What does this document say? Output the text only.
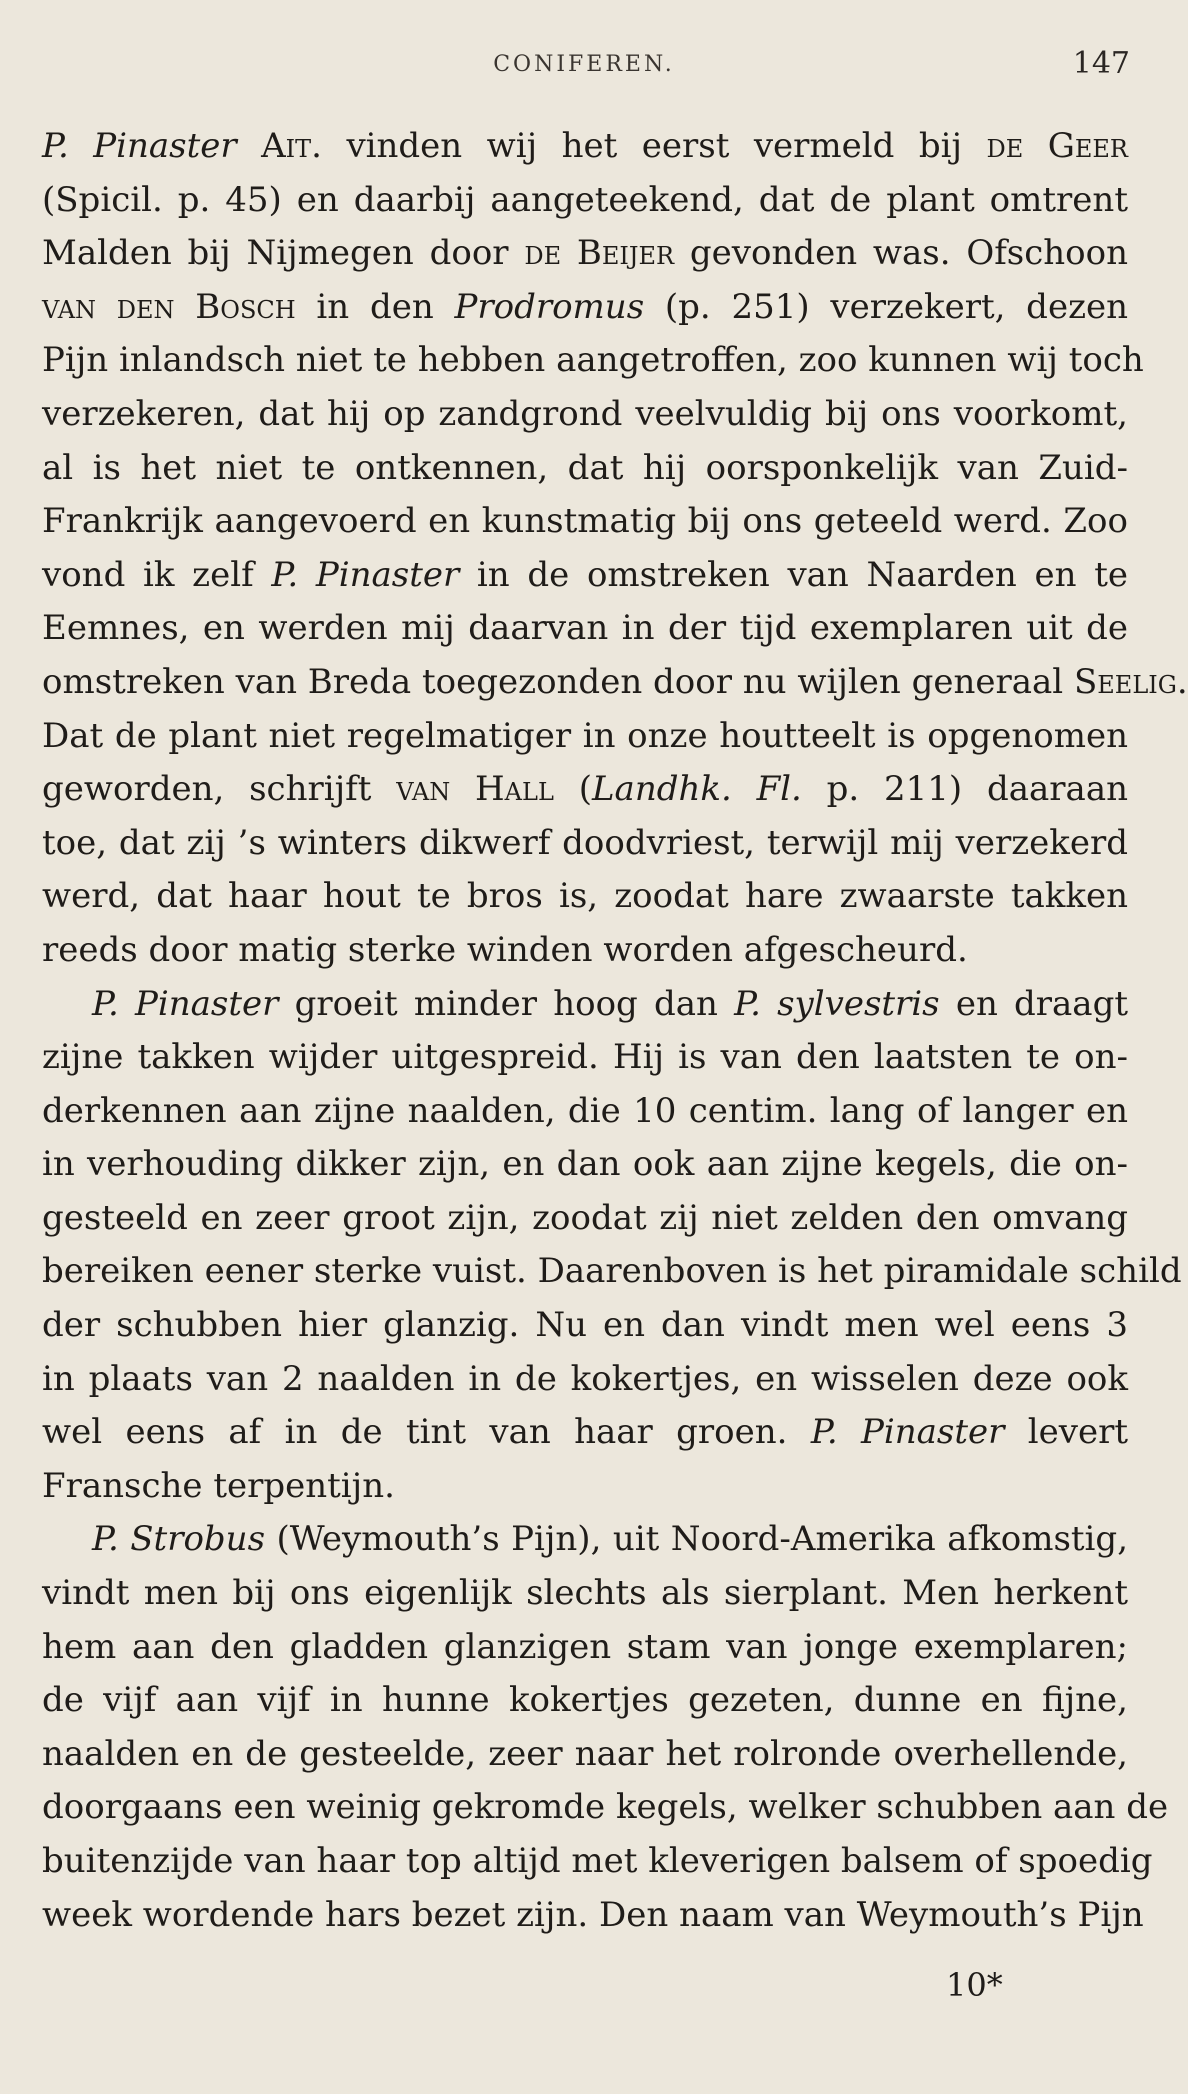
CONIFEREN.	147
P. Pinaster Ait. vinden wij het eerst vermeld bij de Geer
(Spicil. p. 45) en daarbij aangeteekend, dat de plant omtrent
Malden bij Nijmegen door de Beijer gevonden was. Ofschoon
van den Bosch in den Prodromus (p. 251) verzekert, dezen
Pijn inlandsch niet te hebben aangetroffen, zoo kunnen wij toch
verzekeren, dat hij op zandgrond veelvuldig bij ons voorkomt,
al is het niet te ontkennen, dat hij oorsponkelijk van Zuid-
Frankrijk aangevoerd en kunstmatig bij ons geteeld werd. Zoo
vond ik zelf P. Pinaster in de omstreken van Naarden en te
Eemnes, en werden mij daarvan in der tijd exemplaren uit de
omstreken van Breda toegezonden door nu wijlen generaal Seelig.
Dat de plant niet regelmatiger in onze houtteelt is opgenomen
geworden, schrijft van Hall (Landhk. Fl. p. 211) daaraan
toe, dat zij ’s winters dikwerf doodvriest, terwijl mij verzekerd
werd, dat haar hout te bros is, zoodat hare zwaarste takken
reeds door matig sterke winden worden afgescheurd.
P. Pinaster groeit minder hoog dan P. sylvestris en draagt
zijne takken wijder uitgespreid. Hij is van den laatsten te on-
derkennen aan zijne naalden, die 10 centim. lang of langer en
in verhouding dikker zijn, en dan ook aan zijne kegels, die on-
gesteeld en zeer groot zijn, zoodat zij niet zelden den omvang
bereiken eener sterke vuist. Daarenboven is het piramidale schild
der schubben hier glanzig. Nu en dan vindt men wel eens 3
in plaats van 2 naalden in de kokertjes, en wisselen deze ook
wel eens af in de tint van haar groen. P. Pinaster levert
Fransche terpentijn.
P. Strobus (Weymouth’s Pijn), uit Noord-Amerika afkomstig,
vindt men bij ons eigenlijk slechts als sierplant. Men herkent
hem aan den gladden glanzigen stam van jonge exemplaren;
de vijf aan vijf in hunne kokertjes gezeten, dunne en fijne,
naalden en de gesteelde, zeer naar het rolronde overhellende,
doorgaans een weinig gekromde kegels, welker schubben aan de
buitenzijde van haar top altijd met kleverigen balsem of spoedig
week wordende hars bezet zijn. Den naam van Weymouth’s Pijn
10*
